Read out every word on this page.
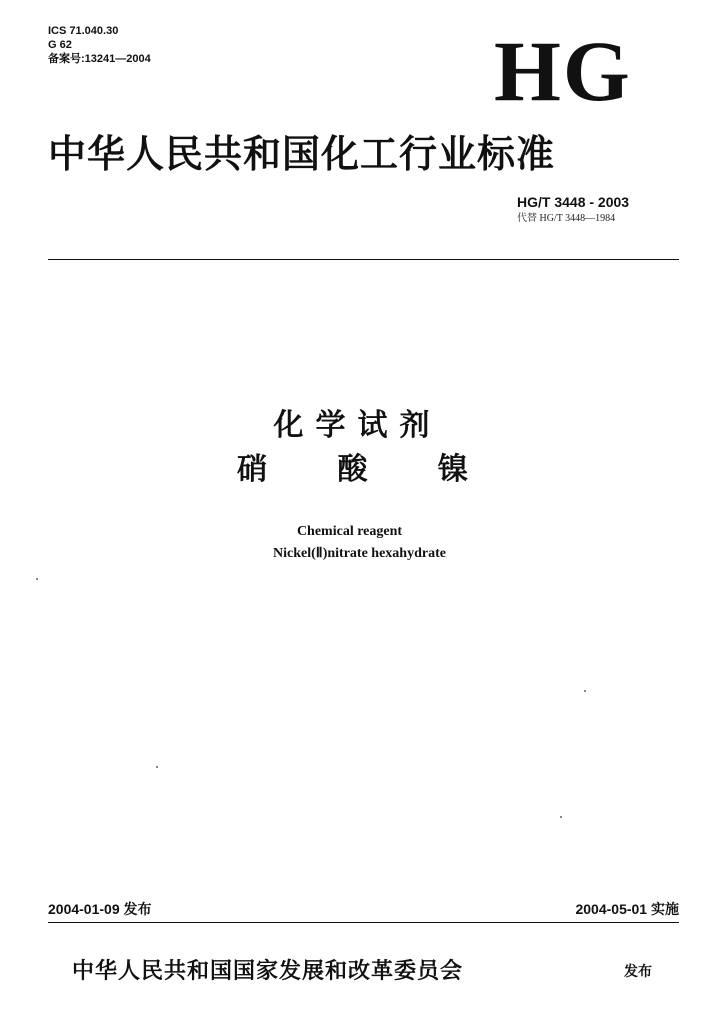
ICS 71.040.30
G 62
备案号:13241—2004	HG
中华人民共和国化工行业标准
HG/T 3448 - 2003
代替 HG/T 3448—1984
化学试剂
硝 酸 镍
Chemical reagent
Nickel(Ⅱ)nitrate hexahydrate
2004-01-09 发布	2004-05-01 实施
中华人民共和国国家发展和改革委员会	发布
